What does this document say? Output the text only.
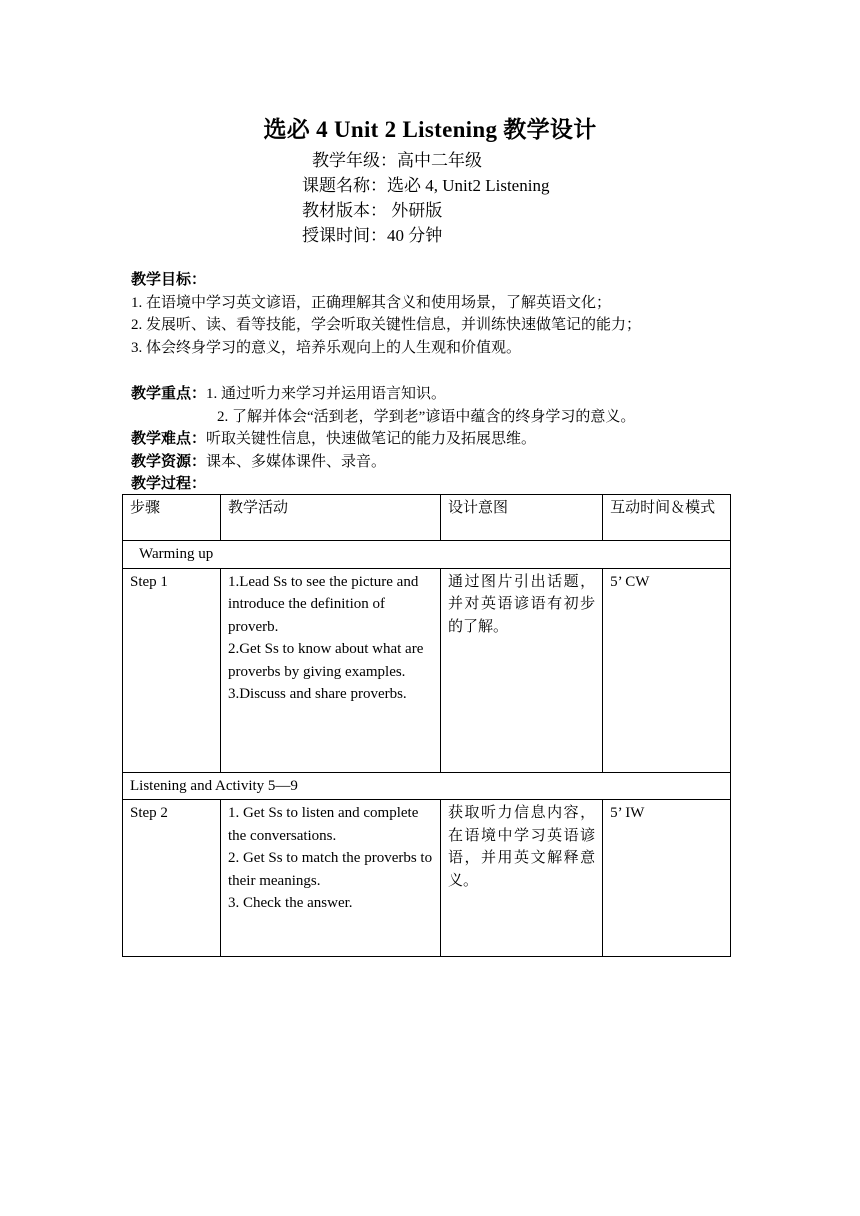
选必 4 Unit 2 Listening 教学设计
教学年级：高中二年级
课题名称：选必 4, Unit2 Listening
教材版本： 外研版
授课时间：40 分钟
教学目标：
1. 在语境中学习英文谚语，正确理解其含义和使用场景，了解英语文化；
2. 发展听、读、看等技能，学会听取关键性信息，并训练快速做笔记的能力；
3. 体会终身学习的意义，培养乐观向上的人生观和价值观。
教学重点：1. 通过听力来学习并运用语言知识。
2. 了解并体会“活到老，学到老”谚语中蕴含的终身学习的意义。
教学难点：听取关键性信息，快速做笔记的能力及拓展思维。
教学资源：课本、多媒体课件、录音。
教学过程：
步骤	教学活动	设计意图	互动时间＆模式
Warming up			
Step 1	1.Lead Ss to see the picture and introduce the definition of proverb.
2.Get Ss to know about what are proverbs by giving examples.
3.Discuss and share proverbs.	通过图片引出话题，并对英语谚语有初步的了解。	5’ CW
Listening and Activity 5—9			
Step 2	1. Get Ss to listen and complete the conversations.
2. Get Ss to match the proverbs to their meanings.
3. Check the answer.	获取听力信息内容，在语境中学习英语谚语，并用英文解释意义。	5’ IW
